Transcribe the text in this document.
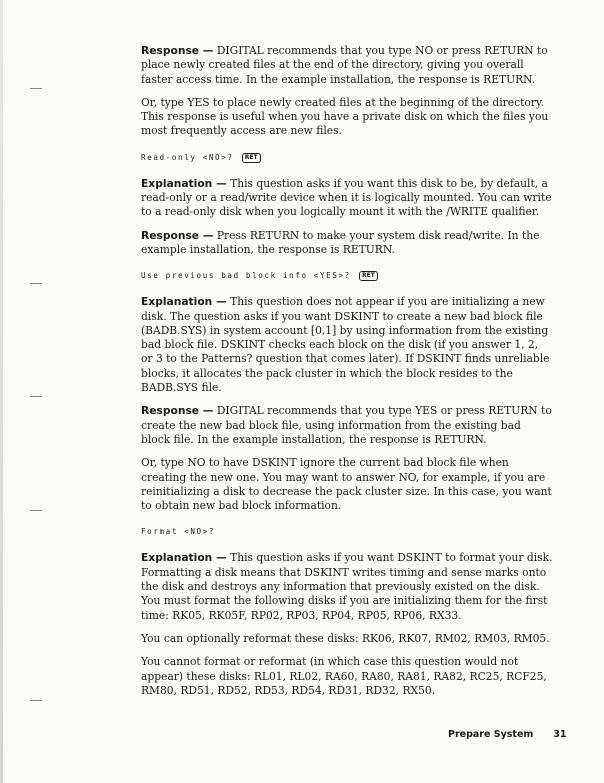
Response — DIGITAL recommends that you type NO or press RETURN to place newly created files at the end of the directory, giving you overall faster access time. In the example installation, the response is RETURN.

Or, type YES to place newly created files at the beginning of the directory. This response is useful when you have a private disk on which the files you most frequently access are new files.

Read-only <NO>? RET

Explanation — This question asks if you want this disk to be, by default, a read-only or a read/write device when it is logically mounted. You can write to a read-only disk when you logically mount it with the /WRITE qualifier.

Response — Press RETURN to make your system disk read/write. In the example installation, the response is RETURN.

Use previous bad block info <YES>? RET

Explanation — This question does not appear if you are initializing a new disk. The question asks if you want DSKINT to create a new bad block file (BADB.SYS) in system account [0,1] by using information from the existing bad block file. DSKINT checks each block on the disk (if you answer 1, 2, or 3 to the Patterns? question that comes later). If DSKINT finds unreliable blocks, it allocates the pack cluster in which the block resides to the BADB.SYS file.

Response — DIGITAL recommends that you type YES or press RETURN to create the new bad block file, using information from the existing bad block file. In the example installation, the response is RETURN.

Or, type NO to have DSKINT ignore the current bad block file when creating the new one. You may want to answer NO, for example, if you are reinitializing a disk to decrease the pack cluster size. In this case, you want to obtain new bad block information.

Format <NO>?

Explanation — This question asks if you want DSKINT to format your disk. Formatting a disk means that DSKINT writes timing and sense marks onto the disk and destroys any information that previously existed on the disk. You must format the following disks if you are initializing them for the first time: RK05, RK05F, RP02, RP03, RP04, RP05, RP06, RX33.

You can optionally reformat these disks: RK06, RK07, RM02, RM03, RM05.

You cannot format or reformat (in which case this question would not appear) these disks: RL01, RL02, RA60, RA80, RA81, RA82, RC25, RCF25, RM80, RD51, RD52, RD53, RD54, RD31, RD32, RX50.

Prepare System 31
